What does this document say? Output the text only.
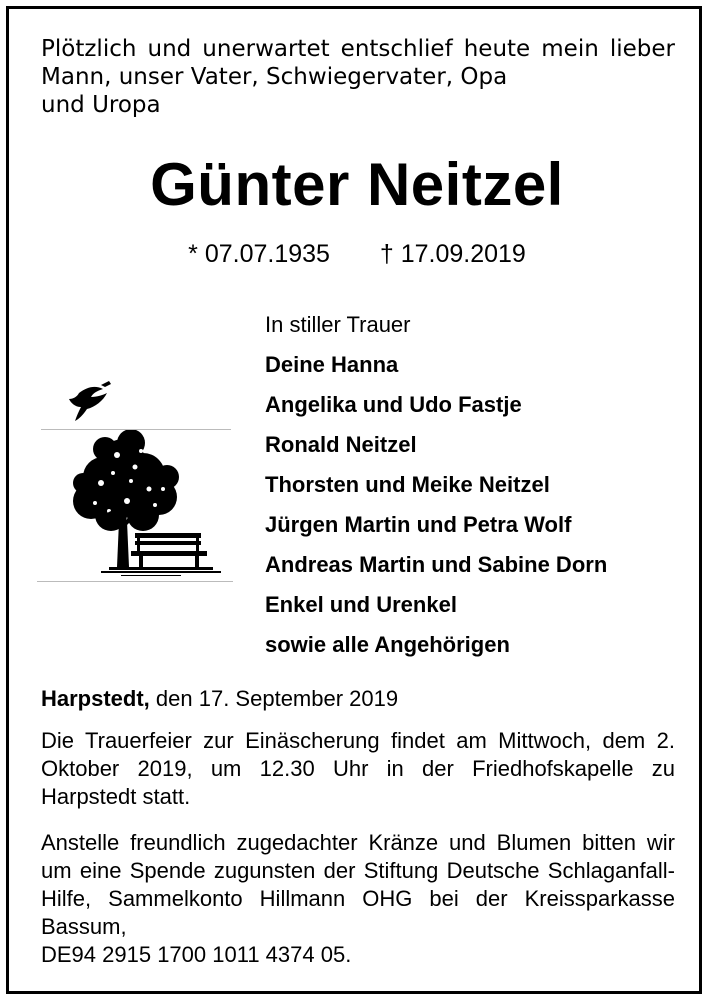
Plötzlich und unerwartet entschlief heute mein lieber Mann, unser Vater, Schwiegervater, Opa
und Uropa

Günter Neitzel
* 07.07.1935 † 17.09.2019
In stiller Trauer
Deine Hanna
Angelika und Udo Fastje
Ronald Neitzel
Thorsten und Meike Neitzel
Jürgen Martin und Petra Wolf
Andreas Martin und Sabine Dorn
Enkel und Urenkel
sowie alle Angehörigen

Harpstedt, den 17. September 2019

Die Trauerfeier zur Einäscherung findet am Mittwoch, dem 2. Oktober 2019, um 12.30 Uhr in der Friedhofskapelle zu Harpstedt statt.

Anstelle freundlich zugedachter Kränze und Blumen bitten wir um eine Spende zugunsten der Stiftung Deutsche Schlaganfall-Hilfe, Sammelkonto Hillmann OHG bei der Kreissparkasse Bassum,
DE94 2915 1700 1011 4374 05.
